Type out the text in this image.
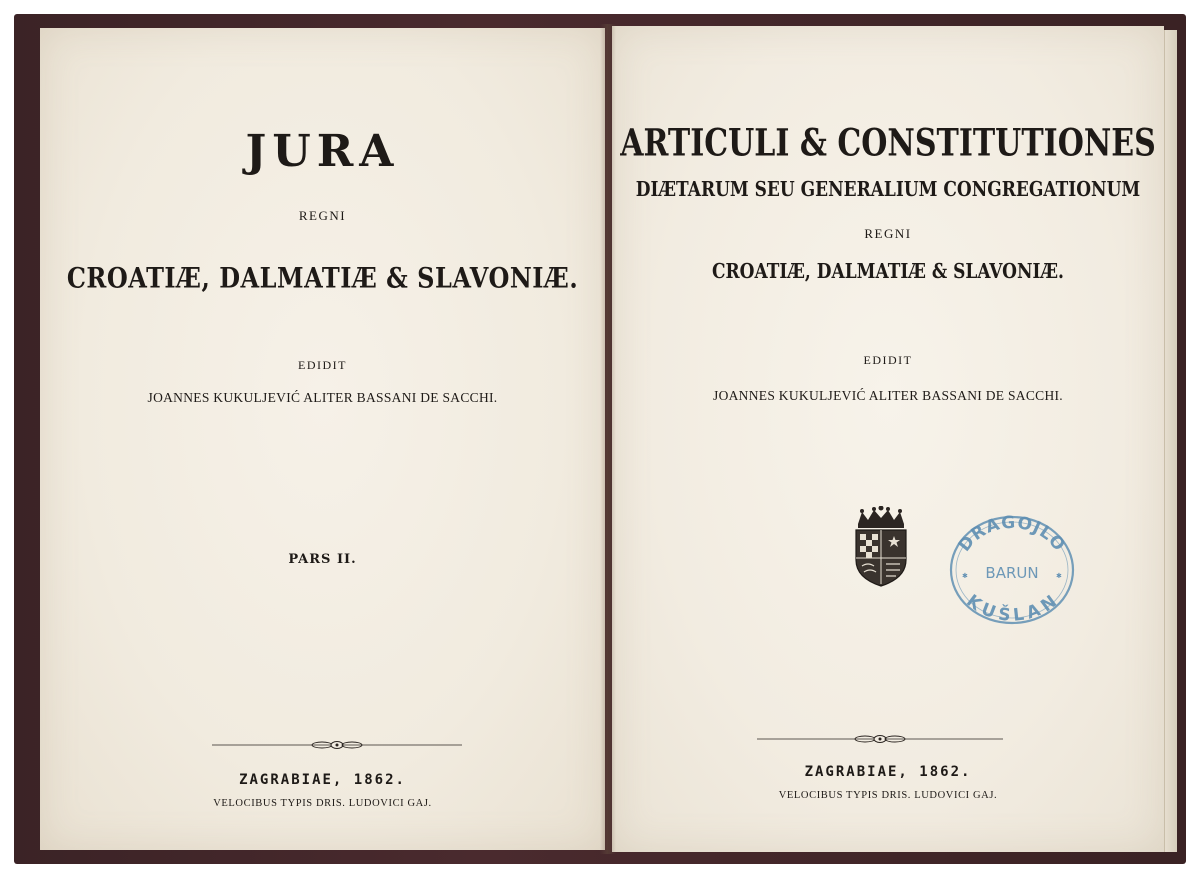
JURA
REGNI
CROATIÆ, DALMATIÆ & SLAVONIÆ.
EDIDIT
JOANNES KUKULJEVIĆ ALITER BASSANI DE SACCHI.
PARS II.
ZAGRABIAE, 1862.
VELOCIBUS TYPIS DRIS. LUDOVICI GAJ.
ARTICULI & CONSTITUTIONES
DIÆTARUM SEU GENERALIUM CONGREGATIONUM
REGNI
CROATIÆ, DALMATIÆ & SLAVONIÆ.
EDIDIT
JOANNES KUKULJEVIĆ ALITER BASSANI DE SACCHI.
BARUN
DRAGOJLO
KUŠLAN
✱	✱
ZAGRABIAE, 1862.
VELOCIBUS TYPIS DRIS. LUDOVICI GAJ.
